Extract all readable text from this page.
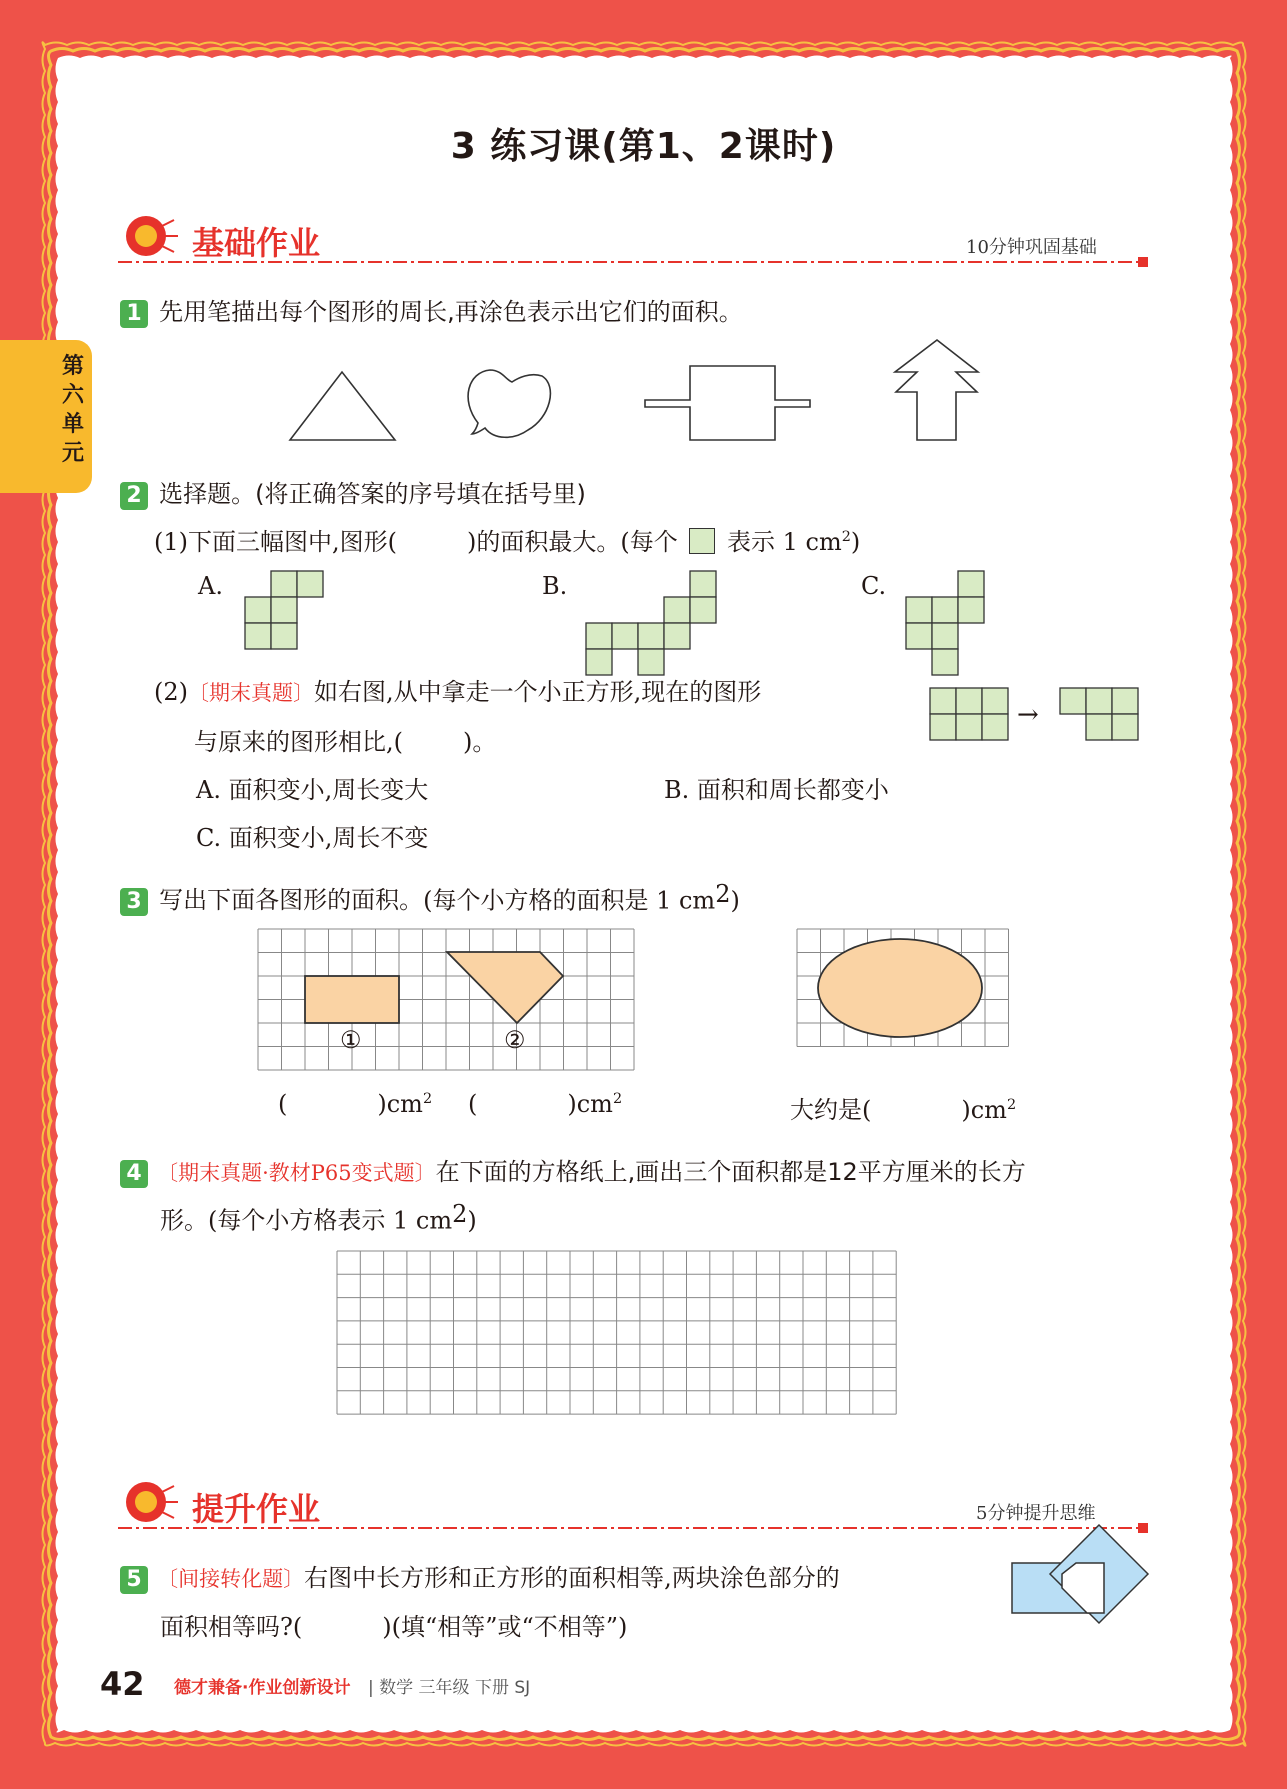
第六单元
3 练习课(第1、2课时)
基础作业	10分钟巩固基础
1 先用笔描出每个图形的周长,再涂色表示出它们的面积。
2 选择题。(将正确答案的序号填在括号里)
(1)下面三幅图中,图形(	)的面积最大。(每个 表示 1 $cm^2$)
A.	B.	C.
→
(2)〔期末真题〕如右图,从中拿走一个小正方形,现在的图形
与原来的图形相比,(	)。
A. 面积变小,周长变大	B. 面积和周长都变小
C. 面积变小,周长不变
3 写出下面各图形的面积。(每个小方格的面积是 1 $cm^2$)
①	②
(	)$cm^2$ (	)$cm^2$	大约是(	)$cm^2$
4 〔期末真题·教材P65变式题〕在下面的方格纸上,画出三个面积都是12平方厘米的长方
形。(每个小方格表示 1 $cm^2$)
提升作业	5分钟提升思维
5 〔间接转化题〕右图中长方形和正方形的面积相等,两块涂色部分的
面积相等吗?(	)(填“相等”或“不相等”)
42 德才兼备·作业创新设计 | 数学 三年级 下册 SJ
